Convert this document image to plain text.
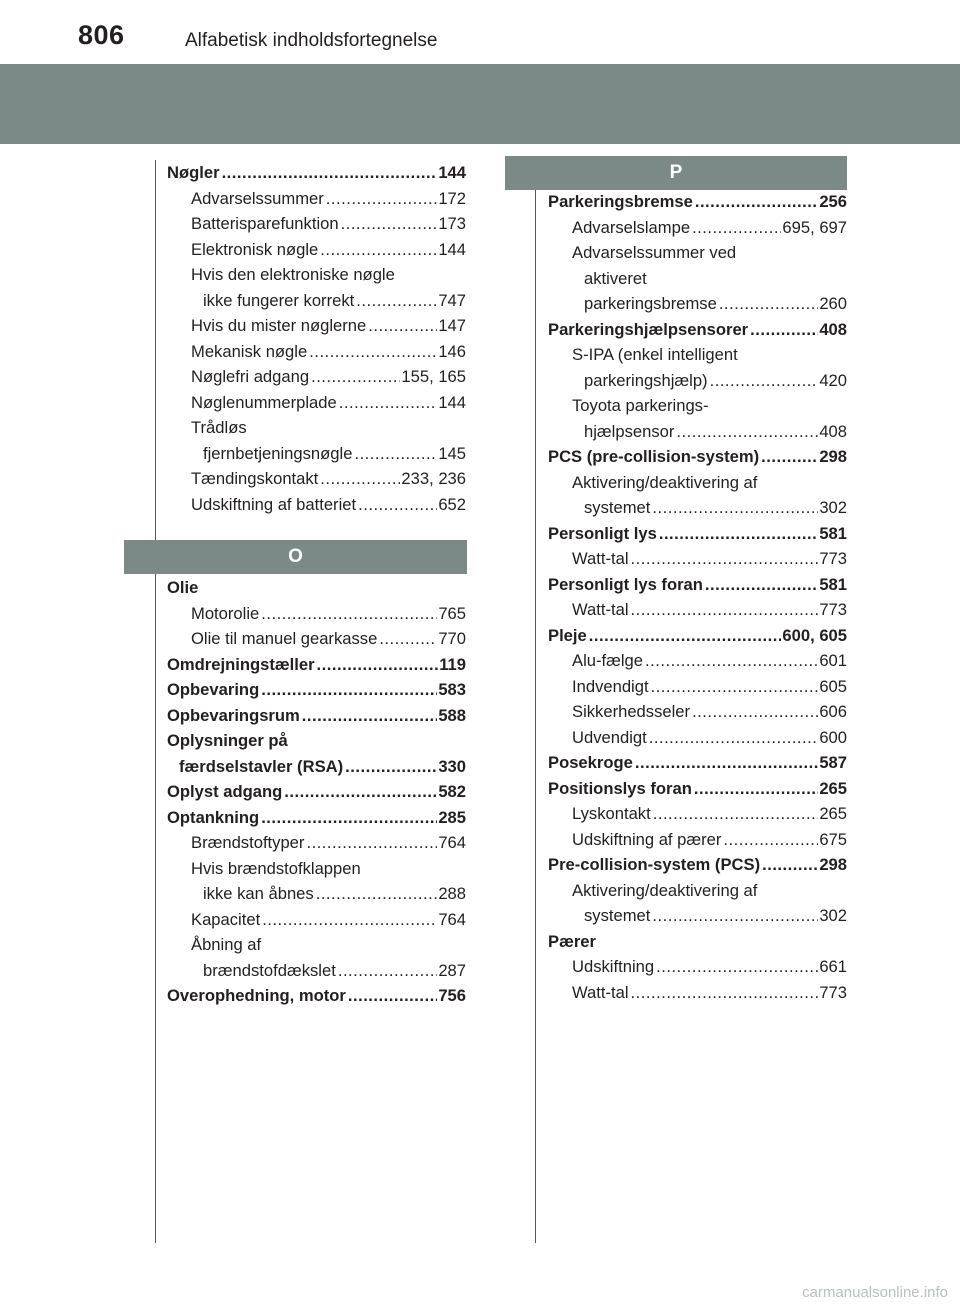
806	Alfabetisk indholdsfortegnelse
Nøgler .....	144
Advarselssummer .....	172
Batterisparefunktion .....	173
Elektronisk nøgle .....	144
Hvis den elektroniske nøgle
ikke fungerer korrekt .....	747
Hvis du mister nøglerne .....	147
Mekanisk nøgle .....	146
Nøglefri adgang .....	155, 165
Nøglenummerplade .....	144
Trådløs
fjernbetjeningsnøgle .....	145
Tændingskontakt .....	233, 236
Udskiftning af batteriet .....	652
O
Olie
Motorolie .....	765
Olie til manuel gearkasse .....	770
Omdrejningstæller .....	119
Opbevaring .....	583
Opbevaringsrum .....	588
Oplysninger på
færdselstavler (RSA) .....	330
Oplyst adgang .....	582
Optankning .....	285
Brændstoftyper .....	764
Hvis brændstofklappen
ikke kan åbnes .....	288
Kapacitet .....	764
Åbning af
brændstofdækslet .....	287
Overophedning, motor .....	756
P
Parkeringsbremse .....	256
Advarselslampe .....	695, 697
Advarselssummer ved
aktiveret
parkeringsbremse .....	260
Parkeringshjælpsensorer .....	408
S-IPA (enkel intelligent
parkeringshjælp) .....	420
Toyota parkerings-
hjælpsensor .....	408
PCS (pre-collision-system) .....	298
Aktivering/deaktivering af
systemet .....	302
Personligt lys .....	581
Watt-tal .....	773
Personligt lys foran .....	581
Watt-tal .....	773
Pleje .....	600, 605
Alu-fælge .....	601
Indvendigt .....	605
Sikkerhedsseler .....	606
Udvendigt .....	600
Posekroge .....	587
Positionslys foran .....	265
Lyskontakt .....	265
Udskiftning af pærer .....	675
Pre-collision-system (PCS) .....	298
Aktivering/deaktivering af
systemet .....	302
Pærer
Udskiftning .....	661
Watt-tal .....	773
carmanualsonline.info
